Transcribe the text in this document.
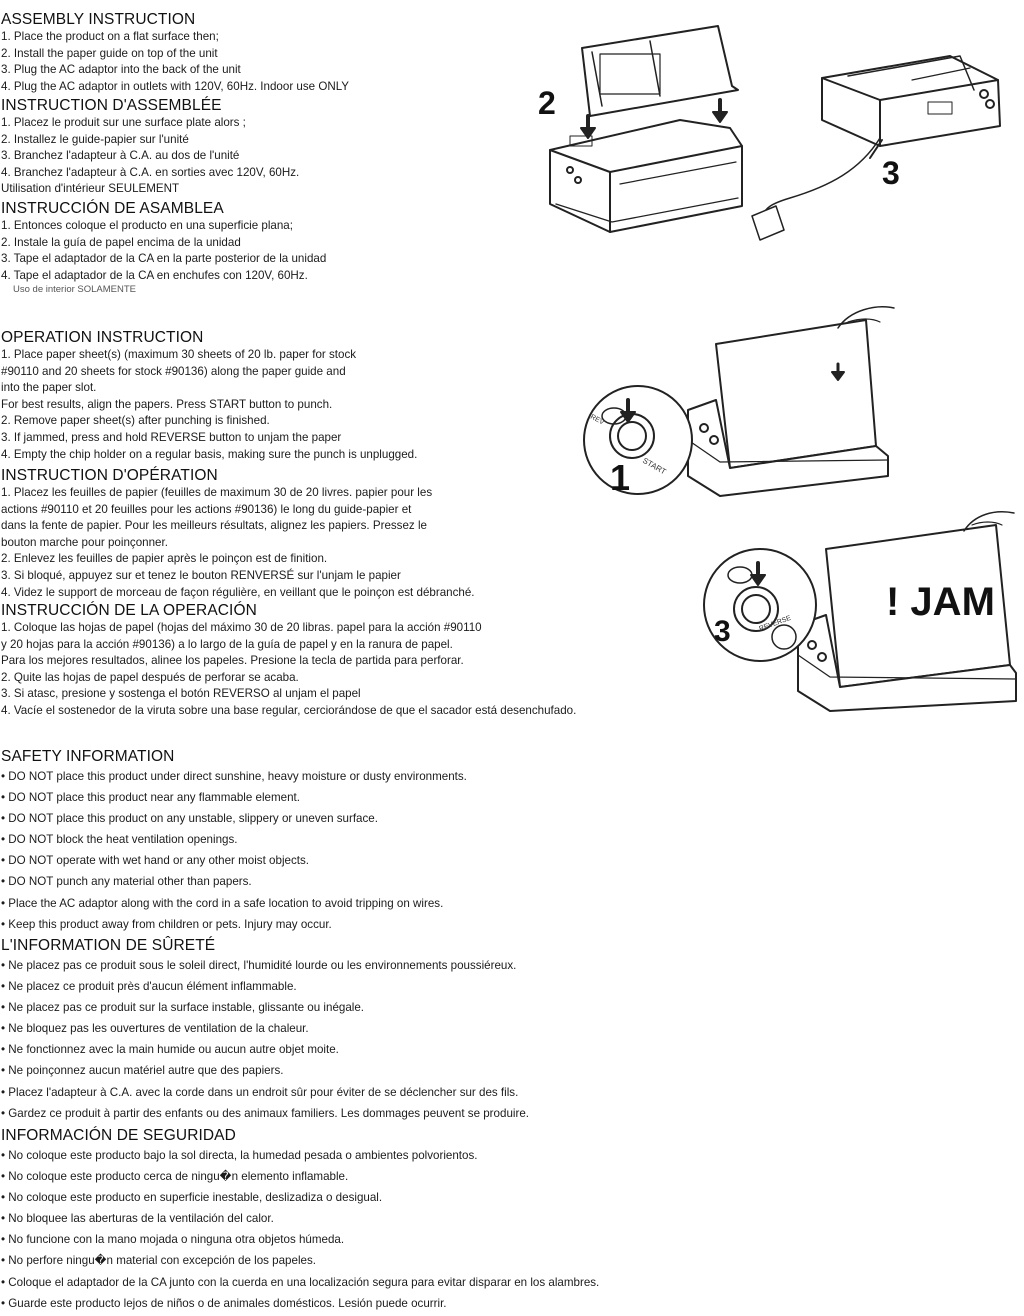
ASSEMBLY INSTRUCTION
1. Place the product on a flat surface then;
2. Install the paper guide on top of the unit
3. Plug the AC adaptor into the back of the unit
4. Plug the AC adaptor in outlets with 120V, 60Hz. Indoor use ONLY
INSTRUCTION D'ASSEMBLÉE
1. Placez le produit sur une surface plate alors ;
2. Installez le guide-papier sur l'unité
3. Branchez l'adapteur à C.A. au dos de l'unité
4. Branchez l'adapteur à C.A. en sorties avec 120V, 60Hz.
Utilisation d'intérieur SEULEMENT
INSTRUCCIÓN DE ASAMBLEA
1. Entonces coloque el producto en una superficie plana;
2. Instale la guía de papel encima de la unidad
3. Tape el adaptador de la CA en la parte posterior de la unidad
4. Tape el adaptador de la CA en enchufes con 120V, 60Hz.
Uso de interior SOLAMENTE
OPERATION INSTRUCTION
1. Place paper sheet(s) (maximum 30 sheets of 20 lb. paper for stock
#90110 and 20 sheets for stock #90136) along the paper guide and
into the paper slot.
For best results, align the papers. Press START button to punch.
2. Remove paper sheet(s) after punching is finished.
3. If jammed, press and hold REVERSE button to unjam the paper
4. Empty the chip holder on a regular basis, making sure the punch is unplugged.
INSTRUCTION D'OPÉRATION
1. Placez les feuilles de papier (feuilles de maximum 30 de 20 livres. papier pour les
actions #90110 et 20 feuilles pour les actions #90136) le long du guide-papier et
dans la fente de papier. Pour les meilleurs résultats, alignez les papiers. Pressez le
bouton marche pour poinçonner.
2. Enlevez les feuilles de papier après le poinçon est de finition.
3. Si bloqué, appuyez sur et tenez le bouton RENVERSÉ sur l'unjam le papier
4. Videz le support de morceau de façon régulière, en veillant que le poinçon est débranché.
INSTRUCCIÓN DE LA OPERACIÓN
1. Coloque las hojas de papel (hojas del máximo 30 de 20 libras. papel para la acción #90110
y 20 hojas para la acción #90136) a lo largo de la guía de papel y en la ranura de papel.
Para los mejores resultados, alinee los papeles. Presione la tecla de partida para perforar.
2. Quite las hojas de papel después de perforar se acaba.
3. Si atasc, presione y sostenga el botón REVERSO al unjam el papel
4. Vacíe el sostenedor de la viruta sobre una base regular, cerciorándose de que el sacador está desenchufado.
SAFETY INFORMATION
• DO NOT place this product under direct sunshine, heavy moisture or dusty environments.
• DO NOT place this product near any flammable element.
• DO NOT place this product on any unstable, slippery or uneven surface.
• DO NOT block the heat ventilation openings.
• DO NOT operate with wet hand or any other moist objects.
• DO NOT punch any material other than papers.
• Place the AC adaptor along with the cord in a safe location to avoid tripping on wires.
• Keep this product away from children or pets. Injury may occur.
L'INFORMATION DE SÛRETÉ
• Ne placez pas ce produit sous le soleil direct, l'humidité lourde ou les environnements poussiéreux.
• Ne placez ce produit près d'aucun élément inflammable.
• Ne placez pas ce produit sur la surface instable, glissante ou inégale.
• Ne bloquez pas les ouvertures de ventilation de la chaleur.
• Ne fonctionnez avec la main humide ou aucun autre objet moite.
• Ne poinçonnez aucun matériel autre que des papiers.
• Placez l'adapteur à C.A. avec la corde dans un endroit sûr pour éviter de se déclencher sur des fils.
• Gardez ce produit à partir des enfants ou des animaux familiers. Les dommages peuvent se produire.
INFORMACIÓN DE SEGURIDAD
• No coloque este producto bajo la sol directa, la humedad pesada o ambientes polvorientos.
• No coloque este producto cerca de ningu�n elemento inflamable.
• No coloque este producto en superficie inestable, deslizadiza o desigual.
• No bloquee las aberturas de la ventilación del calor.
• No funcione con la mano mojada o ninguna otra objetos húmeda.
• No perfore ningu�n material con excepción de los papeles.
• Coloque el adaptador de la CA junto con la cuerda en una localización segura para evitar disparar en los alambres.
• Guarde este producto lejos de niños o de animales domésticos. Lesión puede ocurrir.
2
3
START
REV
1
REVERSE
3
! JAM
